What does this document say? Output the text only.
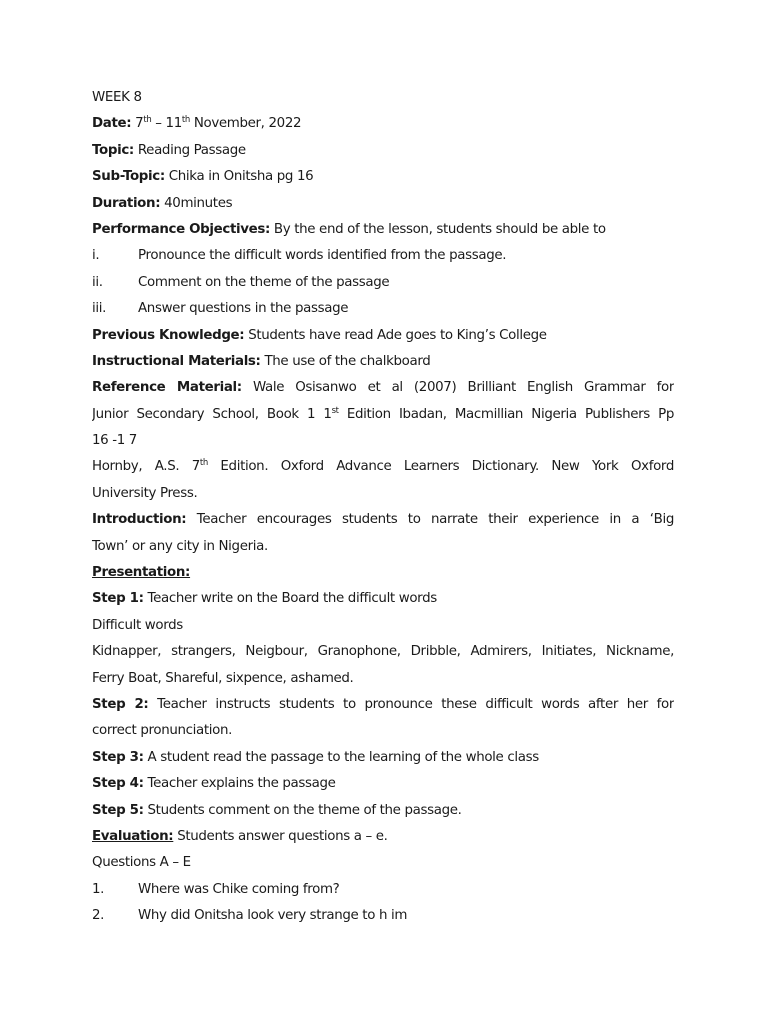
WEEK 8
Date: 7th – 11th November, 2022
Topic: Reading Passage
Sub-Topic: Chika in Onitsha pg 16
Duration: 40minutes
Performance Objectives: By the end of the lesson, students should be able to
i.	Pronounce the difficult words identified from the passage.
ii.	Comment on the theme of the passage
iii.	Answer questions in the passage
Previous Knowledge: Students have read Ade goes to King’s College
Instructional Materials: The use of the chalkboard
Reference Material: Wale Osisanwo et al (2007) Brilliant English Grammar for
Junior Secondary School, Book 1 1st Edition Ibadan, Macmillian Nigeria Publishers Pp
16 -1 7
Hornby, A.S. 7th Edition. Oxford Advance Learners Dictionary. New York Oxford
University Press.
Introduction: Teacher encourages students to narrate their experience in a ‘Big
Town’ or any city in Nigeria.
Presentation:
Step 1: Teacher write on the Board the difficult words
Difficult words
Kidnapper, strangers, Neigbour, Granophone, Dribble, Admirers, Initiates, Nickname,
Ferry Boat, Shareful, sixpence, ashamed.
Step 2: Teacher instructs students to pronounce these difficult words after her for
correct pronunciation.
Step 3: A student read the passage to the learning of the whole class
Step 4: Teacher explains the passage
Step 5: Students comment on the theme of the passage.
Evaluation: Students answer questions a – e.
Questions A – E
1.	Where was Chike coming from?
2.	Why did Onitsha look very strange to h im
